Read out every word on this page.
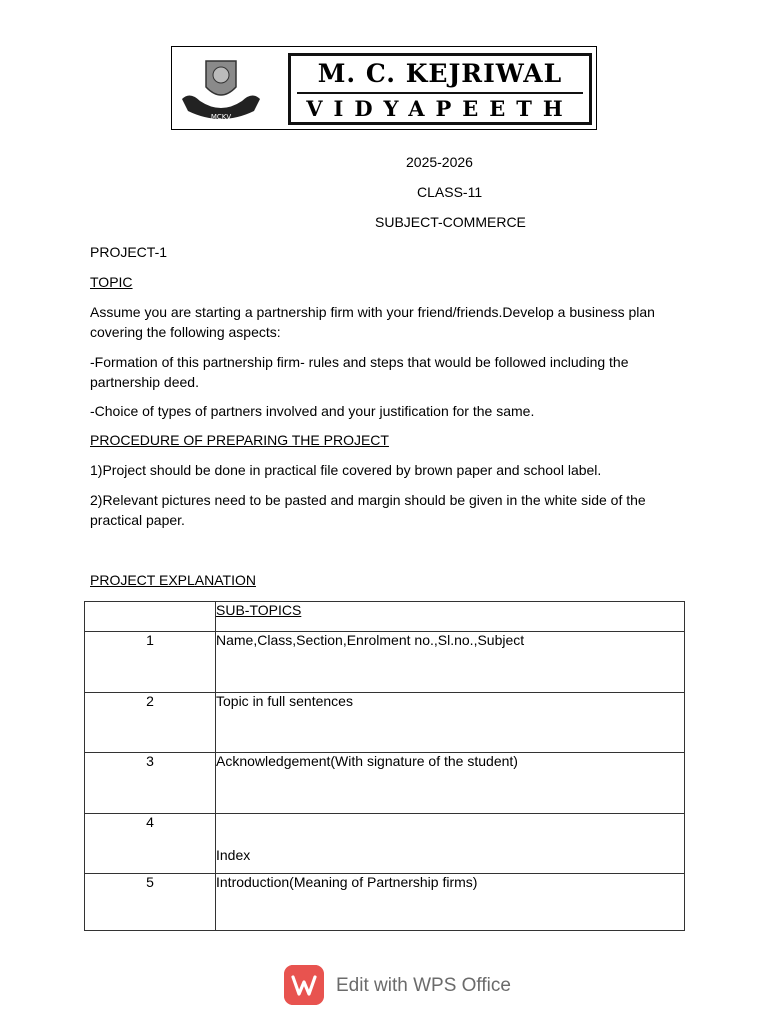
MCKV
M. C. KEJRIWAL
VIDYAPEETH
2025-2026
CLASS-11
SUBJECT-COMMERCE
PROJECT-1
TOPIC
Assume you are starting a partnership firm with your friend/friends.Develop a business plan covering the following aspects:
-Formation of this partnership firm- rules and steps that would be followed including the partnership deed.
-Choice of types of partners involved and your justification for the same.
PROCEDURE OF PREPARING THE PROJECT
1)Project should be done in practical file covered by brown paper and school label.
2)Relevant pictures need to be pasted and margin should be given in the white side of the practical paper.
PROJECT EXPLANATION
	SUB-TOPICS
1	Name,Class,Section,Enrolment no.,Sl.no.,Subject
2	Topic in full sentences
3	Acknowledgement(With signature of the student)
4	Index
5	Introduction(Meaning of Partnership firms)
Edit with WPS Office
